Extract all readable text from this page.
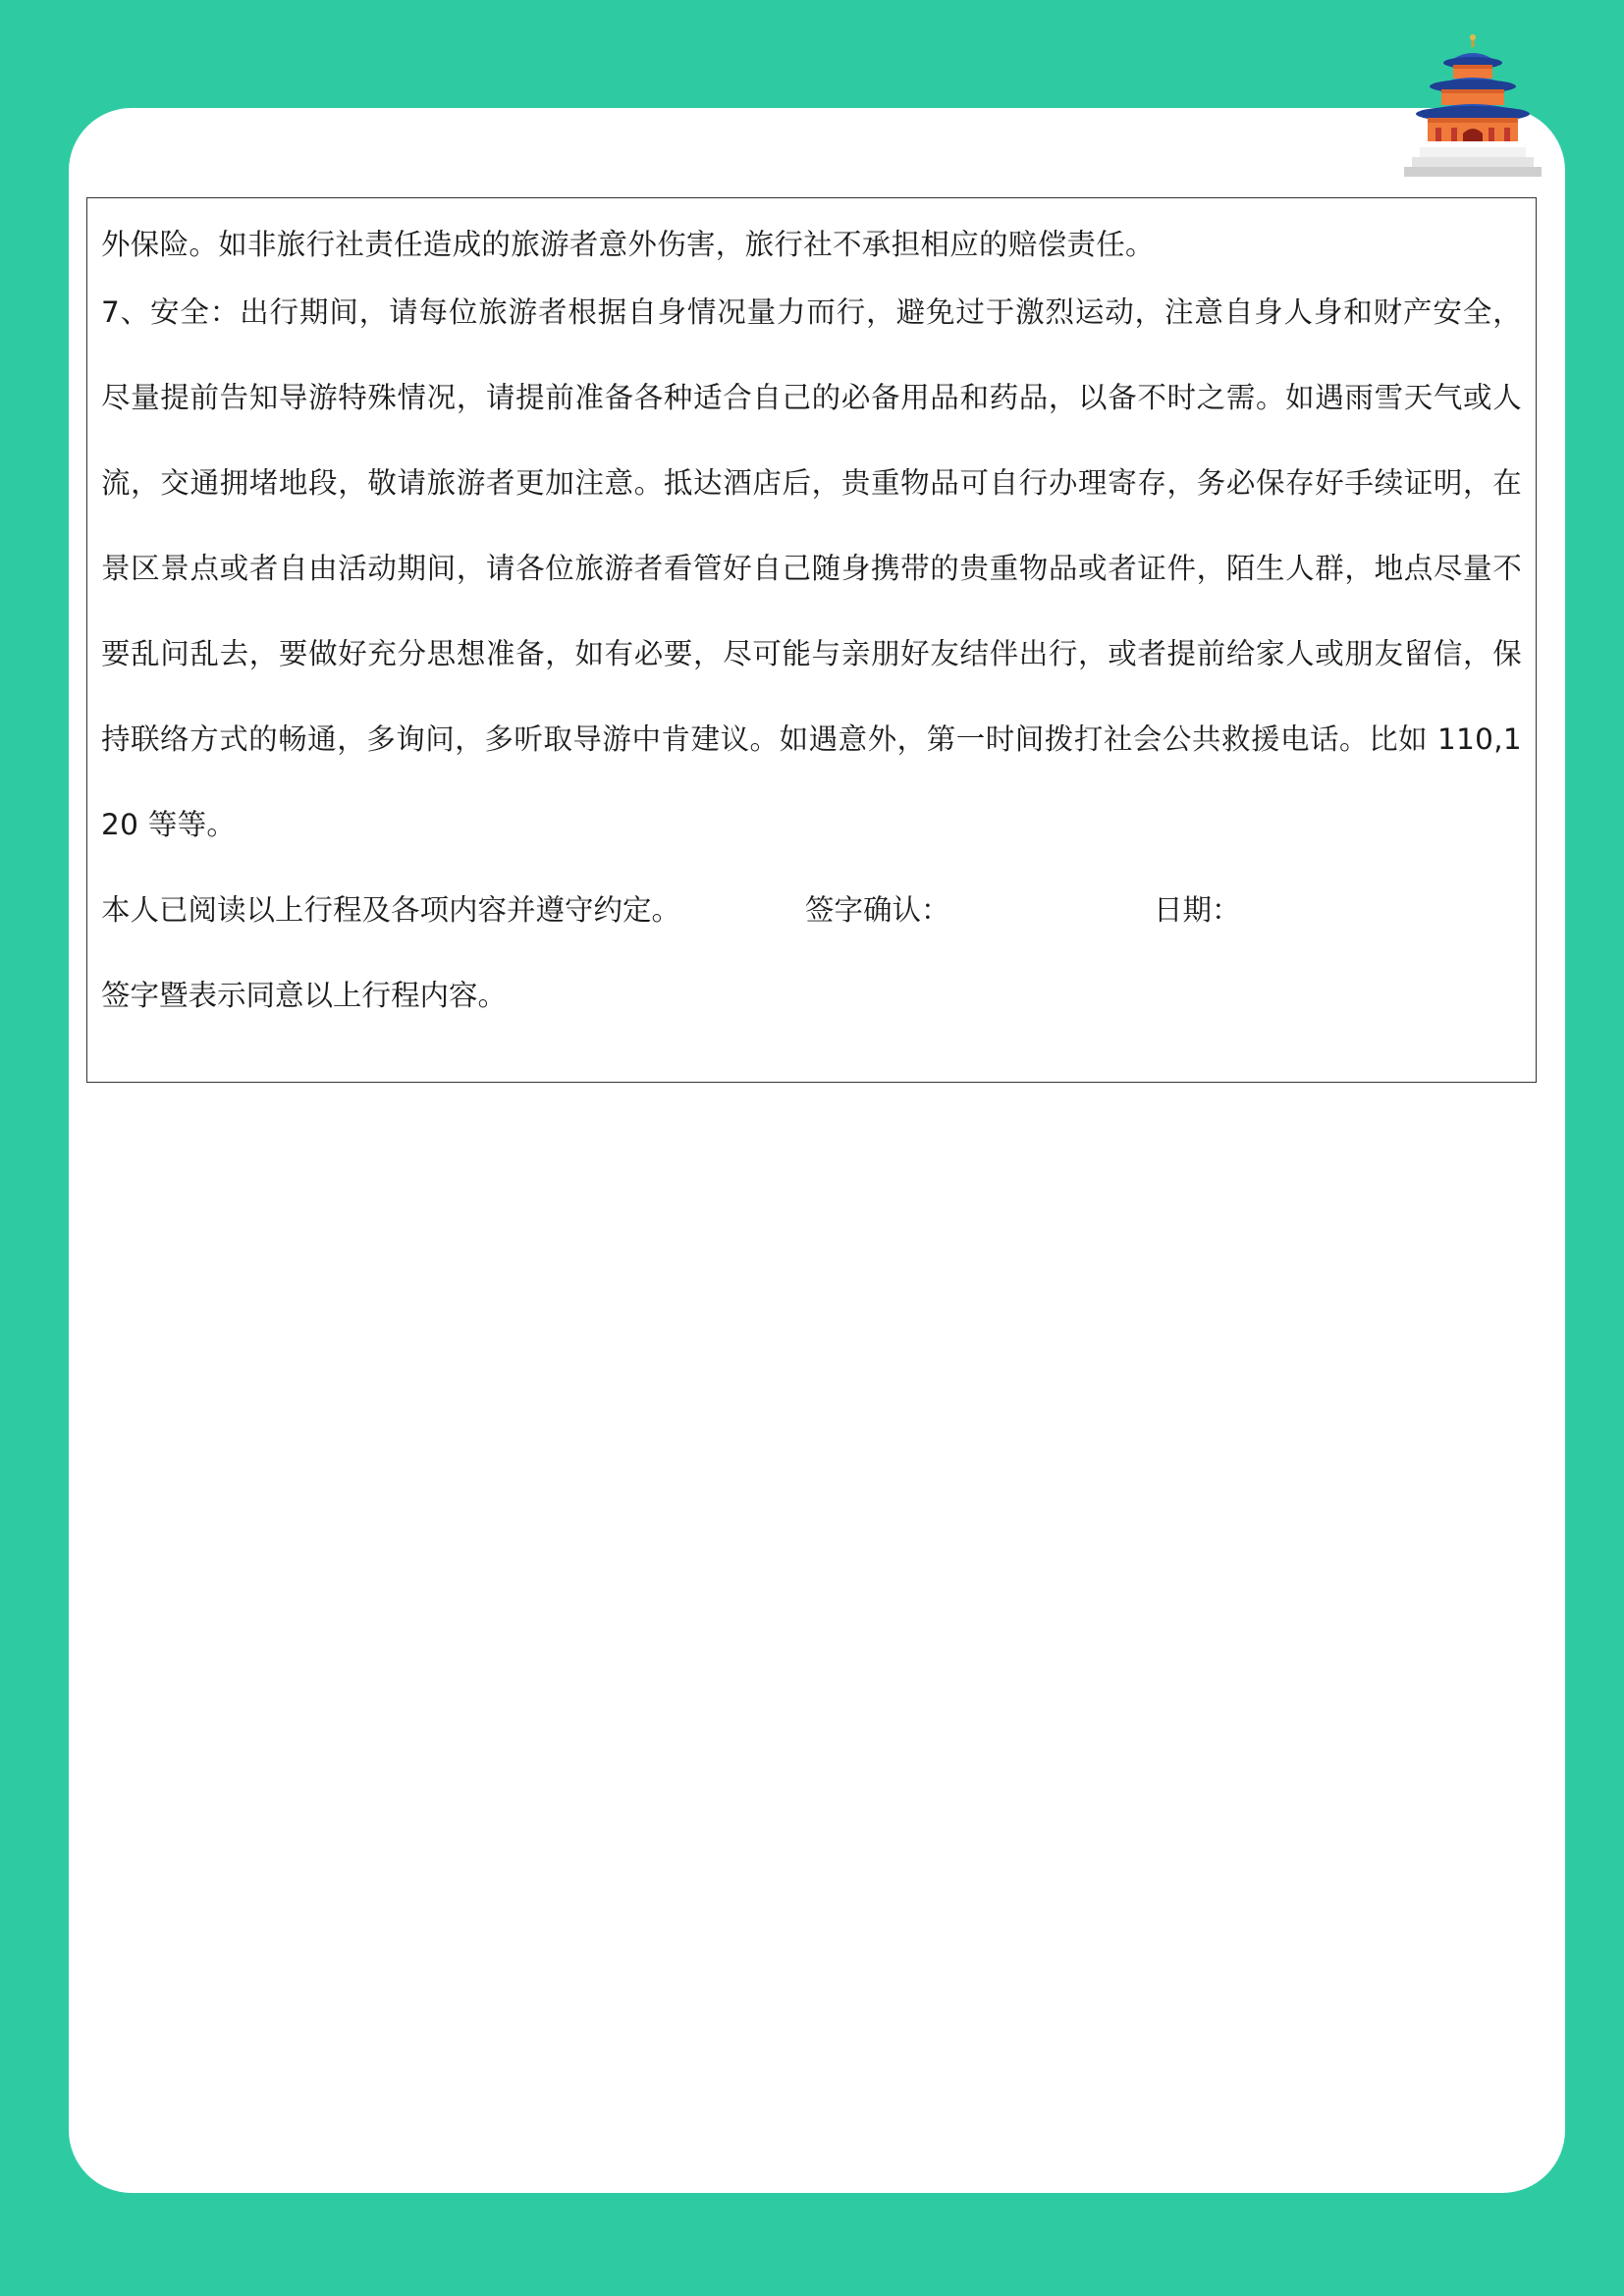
外保险。如非旅行社责任造成的旅游者意外伤害，旅行社不承担相应的赔偿责任。

7、安全：出行期间，请每位旅游者根据自身情况量力而行，避免过于激烈运动，注意自身人身和财产安全，尽量提前告知导游特殊情况，请提前准备各种适合自己的必备用品和药品，以备不时之需。如遇雨雪天气或人流，交通拥堵地段，敬请旅游者更加注意。抵达酒店后，贵重物品可自行办理寄存，务必保存好手续证明，在景区景点或者自由活动期间，请各位旅游者看管好自己随身携带的贵重物品或者证件，陌生人群，地点尽量不要乱问乱去，要做好充分思想准备，如有必要，尽可能与亲朋好友结伴出行，或者提前给家人或朋友留信，保持联络方式的畅通，多询问，多听取导游中肯建议。如遇意外，第一时间拨打社会公共救援电话。比如 110,120 等等。

本人已阅读以上行程及各项内容并遵守约定。	签字确认：	日期：

签字暨表示同意以上行程内容。
